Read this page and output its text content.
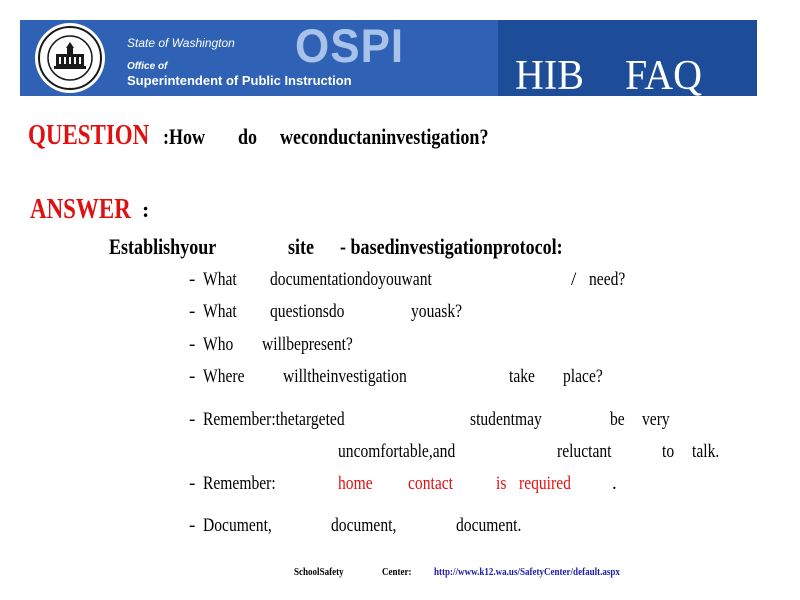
State of Washington OSPI
Office of
Superintendent of Public Instruction	HIB FAQ
QUESTION :How do weconductaninvestigation?
ANSWER :
Establishyour	site - basedinvestigationprotocol:
- What documentationdoyouwant	/ need?
- What questionsdo	youask?
- Who willbepresent?
- Where willtheinvestigation	take place?
- Remember:thetargeted	studentmay	be very
uncomfortable,and	reluctant	to talk.
- Remember:	home contact is required .
- Document,	document,	document.
SchoolSafety	Center: http://www.k12.wa.us/SafetyCenter/default.aspx
